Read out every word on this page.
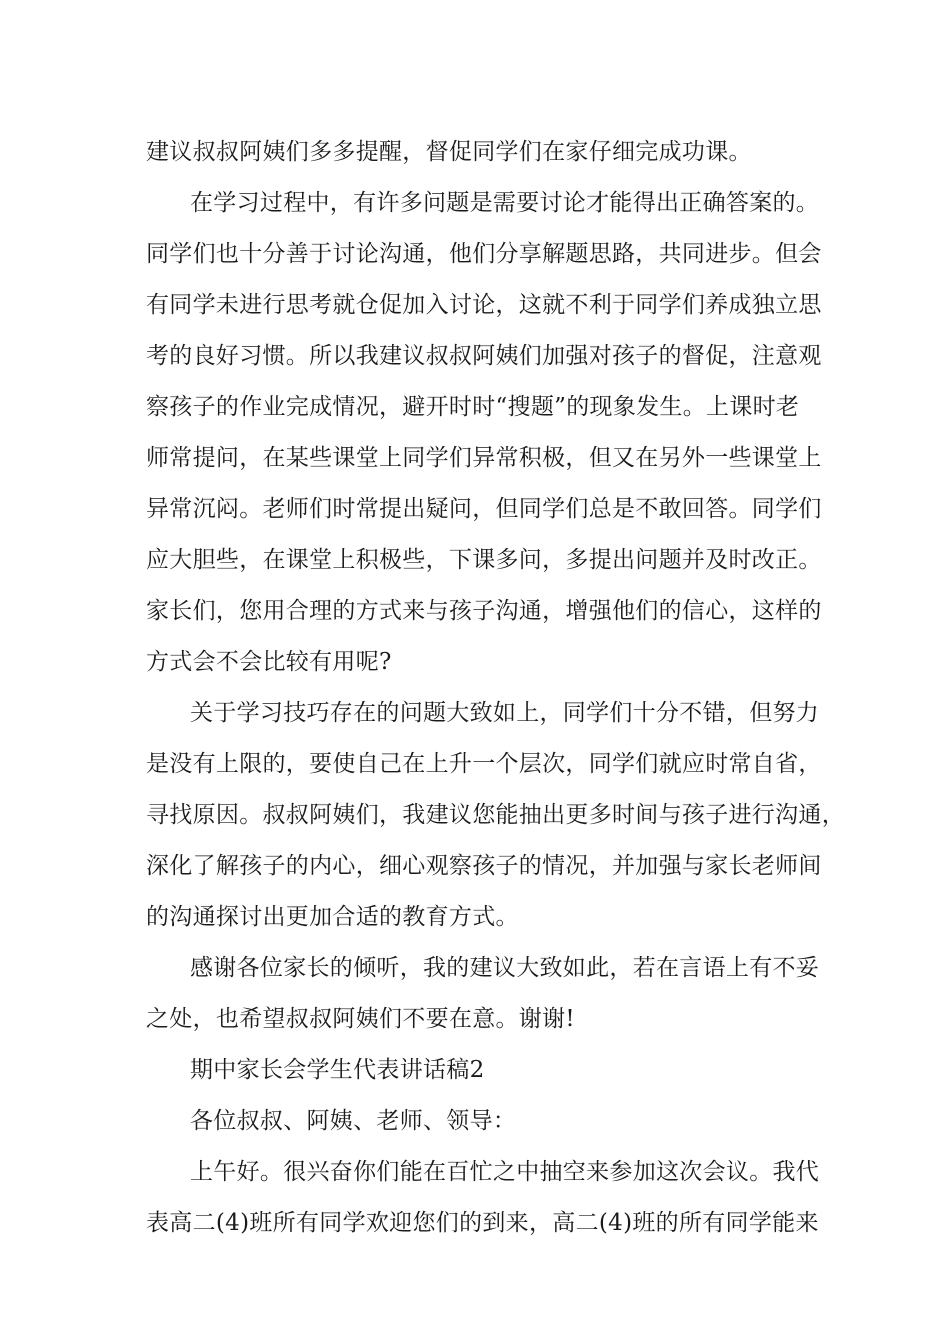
建议叔叔阿姨们多多提醒，督促同学们在家仔细完成功课。
在学习过程中，有许多问题是需要讨论才能得出正确答案的。
同学们也十分善于讨论沟通，他们分享解题思路，共同进步。但会
有同学未进行思考就仓促加入讨论，这就不利于同学们养成独立思
考的良好习惯。所以我建议叔叔阿姨们加强对孩子的督促，注意观
察孩子的作业完成情况，避开时时“搜题”的现象发生。上课时老
师常提问，在某些课堂上同学们异常积极，但又在另外一些课堂上
异常沉闷。老师们时常提出疑问，但同学们总是不敢回答。同学们
应大胆些，在课堂上积极些，下课多问，多提出问题并及时改正。
家长们，您用合理的方式来与孩子沟通，增强他们的信心，这样的
方式会不会比较有用呢?
关于学习技巧存在的问题大致如上，同学们十分不错，但努力
是没有上限的，要使自己在上升一个层次，同学们就应时常自省，
寻找原因。叔叔阿姨们，我建议您能抽出更多时间与孩子进行沟通，
深化了解孩子的内心，细心观察孩子的情况，并加强与家长老师间
的沟通探讨出更加合适的教育方式。
感谢各位家长的倾听，我的建议大致如此，若在言语上有不妥
之处，也希望叔叔阿姨们不要在意。谢谢!
期中家长会学生代表讲话稿2
各位叔叔、阿姨、老师、领导：
上午好。很兴奋你们能在百忙之中抽空来参加这次会议。我代
表高二(4)班所有同学欢迎您们的到来，高二(4)班的所有同学能来
